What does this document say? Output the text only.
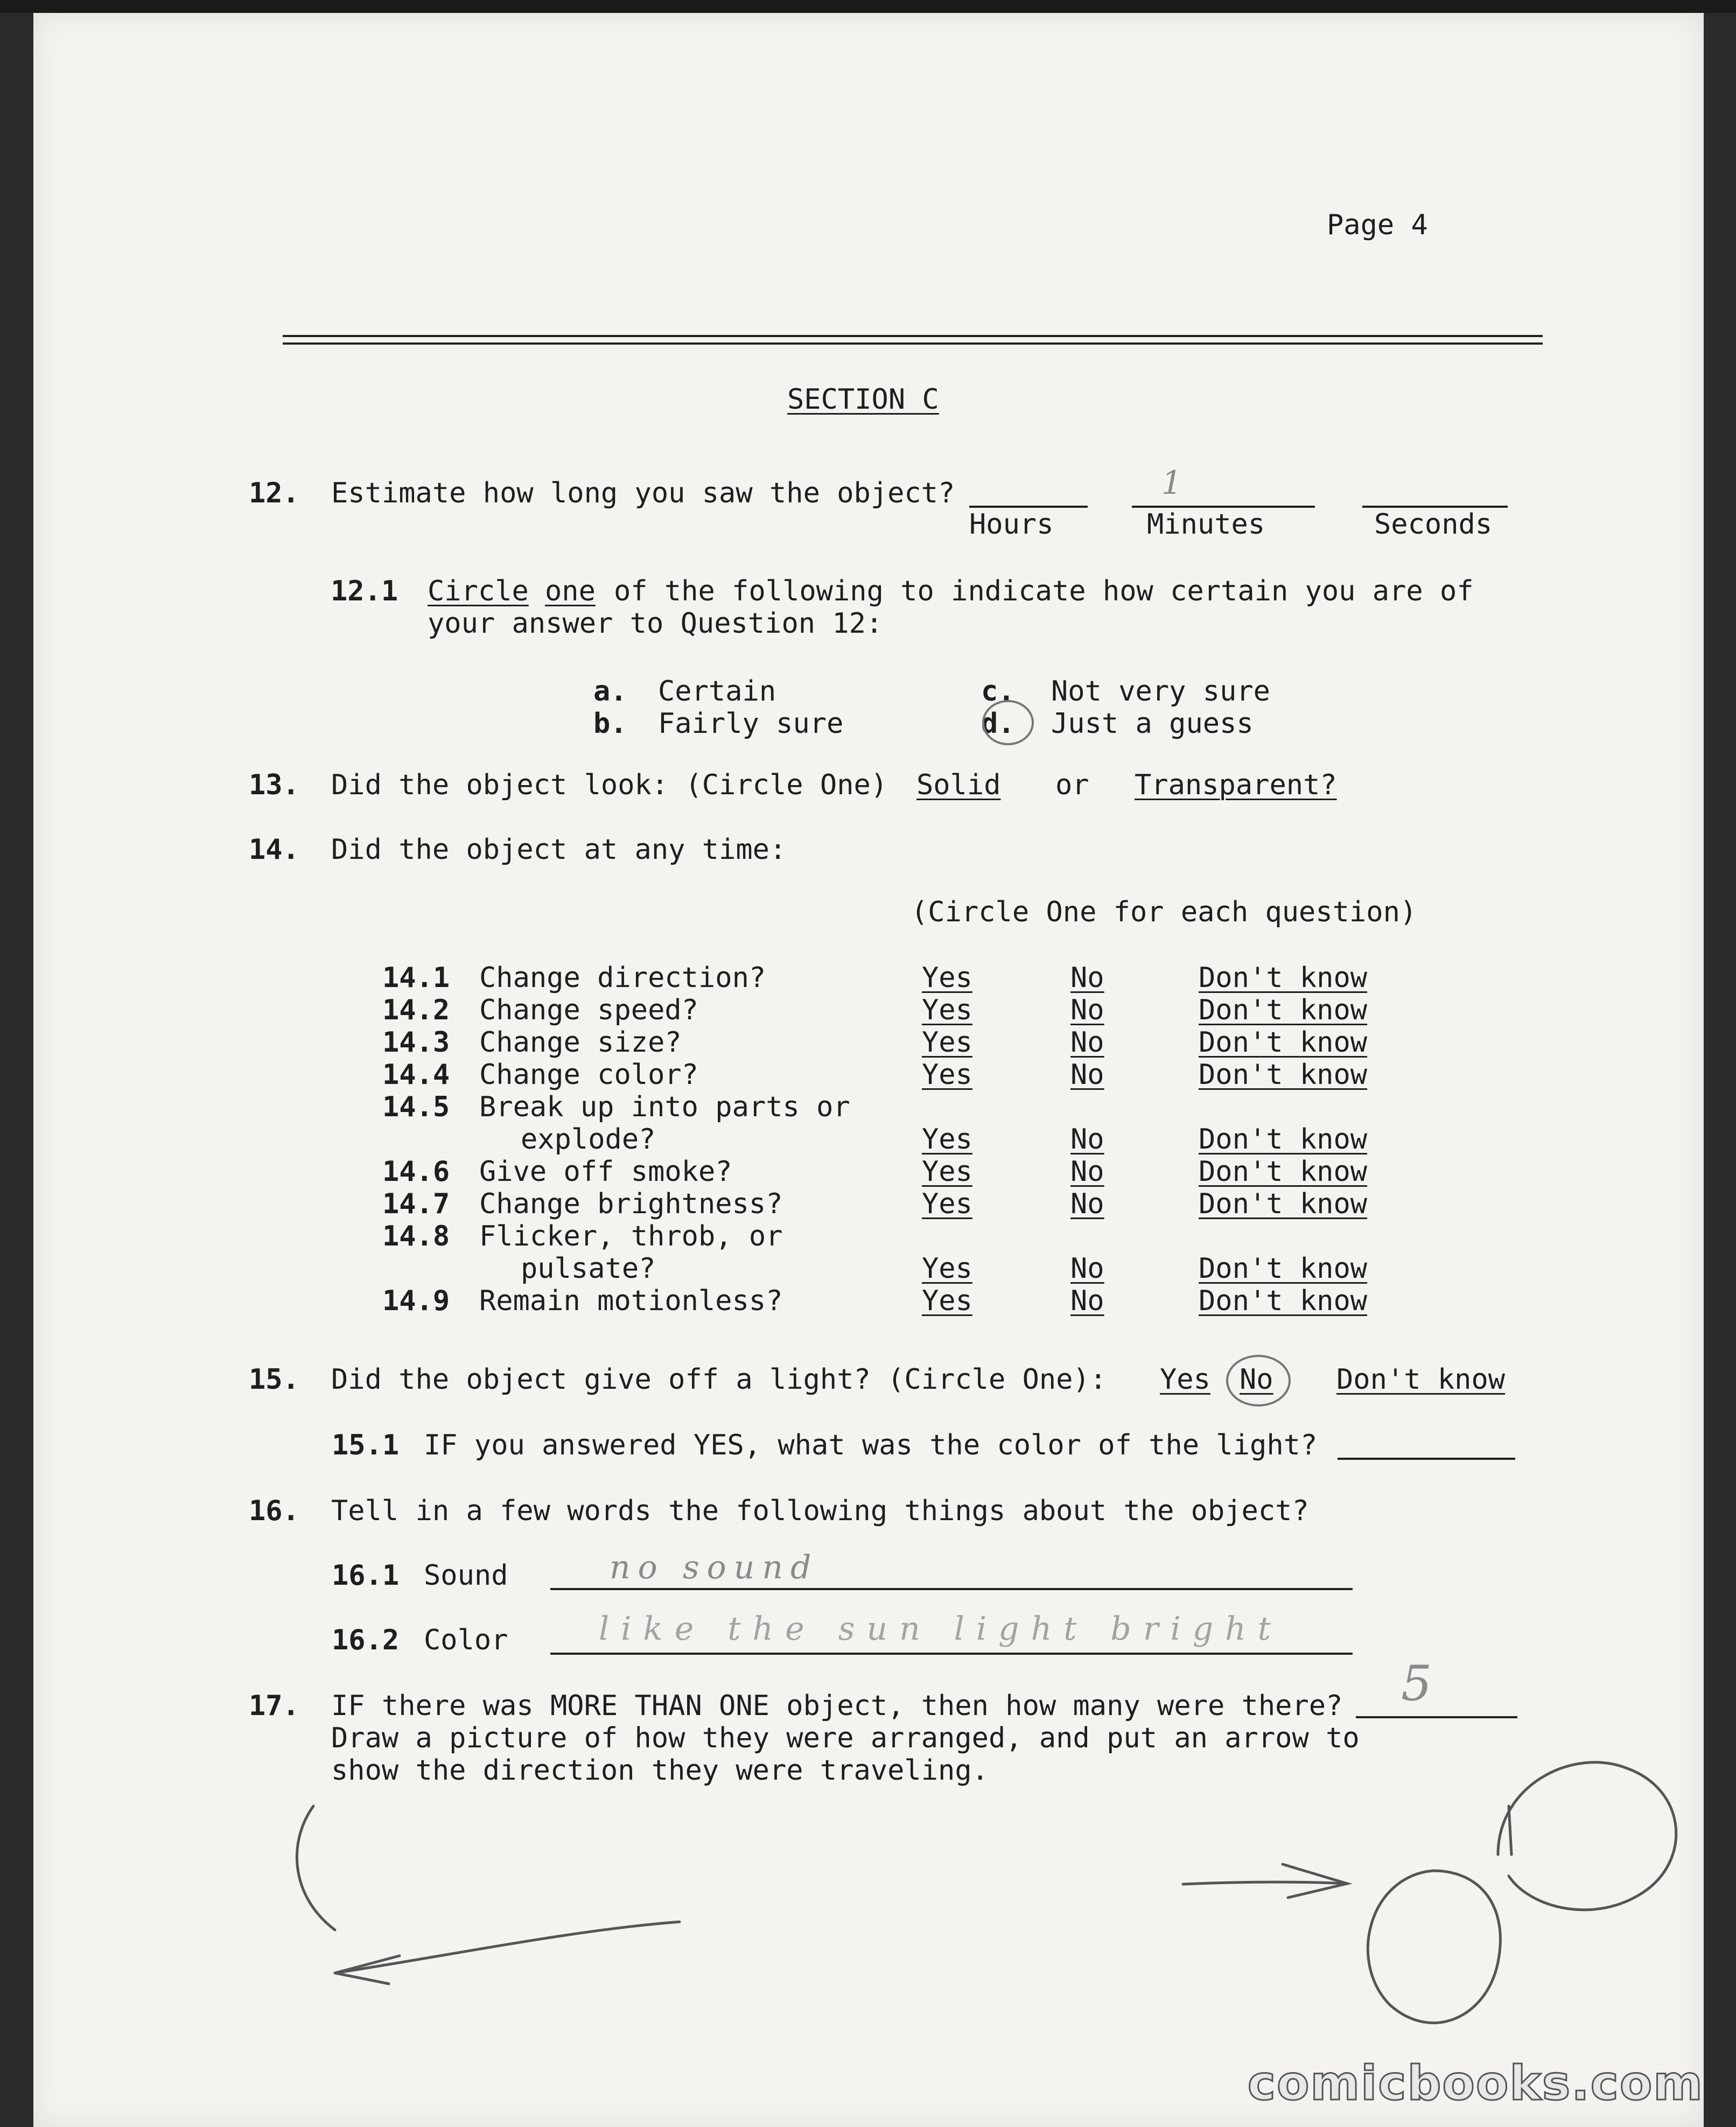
Page 4
SECTION C
12. Estimate how long you saw the object?	1
Hours	Minutes	Seconds
12.1 Circle one of the following to indicate how certain you are of
your answer to Question 12:
a. Certain
b. Fairly sure
c. Not very sure
d. Just a guess
13. Did the object look: (Circle One) Solid or Transparent?
14. Did the object at any time:
(Circle One for each question)
14.1 Change direction?	Yes	No	Don't know
14.2 Change speed?	Yes	No	Don't know
14.3 Change size?	Yes	No	Don't know
14.4 Change color?	Yes	No	Don't know
14.5 Break up into parts or
explode?	Yes	No	Don't know
14.6 Give off smoke?	Yes	No	Don't know
14.7 Change brightness?	Yes	No	Don't know
14.8 Flicker, throb, or
pulsate?	Yes	No	Don't know
14.9 Remain motionless?	Yes	No	Don't know
15. Did the object give off a light? (Circle One): Yes No Don't know
15.1 IF you answered YES, what was the color of the light?
16. Tell in a few words the following things about the object?
16.1 Sound	no sound
16.2 Color	like the sun light bright
17. IF there was MORE THAN ONE object, then how many were there?
Draw a picture of how they were arranged, and put an arrow to
show the direction they were traveling.
5
comicbooks.com
